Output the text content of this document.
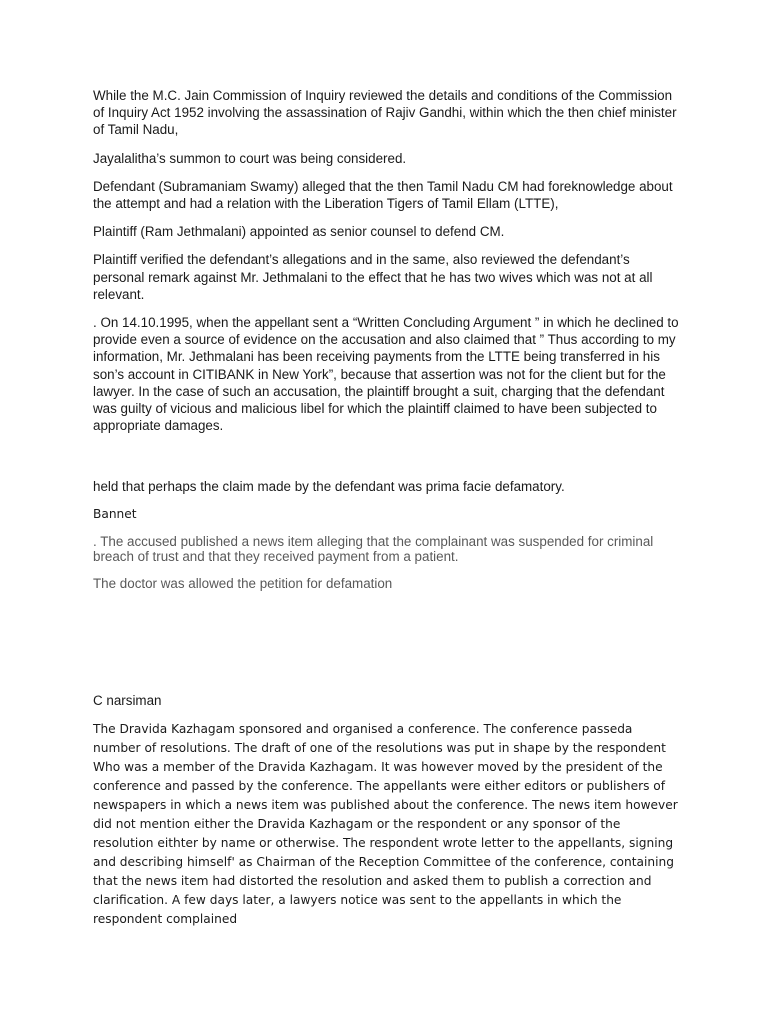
While the M.C. Jain Commission of Inquiry reviewed the details and conditions of the Commission of Inquiry Act 1952 involving the assassination of Rajiv Gandhi, within which the then chief minister of Tamil Nadu,

Jayalalitha’s summon to court was being considered.

Defendant (Subramaniam Swamy) alleged that the then Tamil Nadu CM had foreknowledge about the attempt and had a relation with the Liberation Tigers of Tamil Ellam (LTTE),

Plaintiff (Ram Jethmalani) appointed as senior counsel to defend CM.

Plaintiff verified the defendant’s allegations and in the same, also reviewed the defendant’s personal remark against Mr. Jethmalani to the effect that he has two wives which was not at all relevant.

. On 14.10.1995, when the appellant sent a “Written Concluding Argument ” in which he declined to provide even a source of evidence on the accusation and also claimed that ” Thus according to my information, Mr. Jethmalani has been receiving payments from the LTTE being transferred in his son’s account in CITIBANK in New York”, because that assertion was not for the client but for the lawyer. In the case of such an accusation, the plaintiff brought a suit, charging that the defendant was guilty of vicious and malicious libel for which the plaintiff claimed to have been subjected to appropriate damages.

held that perhaps the claim made by the defendant was prima facie defamatory.

Bannet

. The accused published a news item alleging that the complainant was suspended for criminal breach of trust and that they received payment from a patient.

The doctor was allowed the petition for defamation

C narsiman

The Dravida Kazhagam sponsored and organised a conference. The conference passeda number of resolutions. The draft of one of the resolutions was put in shape by the respondent Who was a member of the Dravida Kazhagam. It was however moved by the president of the conference and passed by the conference. The appellants were either editors or publishers of newspapers in which a news item was published about the conference. The news item however did not mention either the Dravida Kazhagam or the respondent or any sponsor of the resolution eithter by name or otherwise. The respondent wrote letter to the appellants, signing and describing himself' as Chairman of the Reception Committee of the conference, containing that the news item had distorted the resolution and asked them to publish a correction and clarification. A few days later, a lawyers notice was sent to the appellants in which the respondent complained
